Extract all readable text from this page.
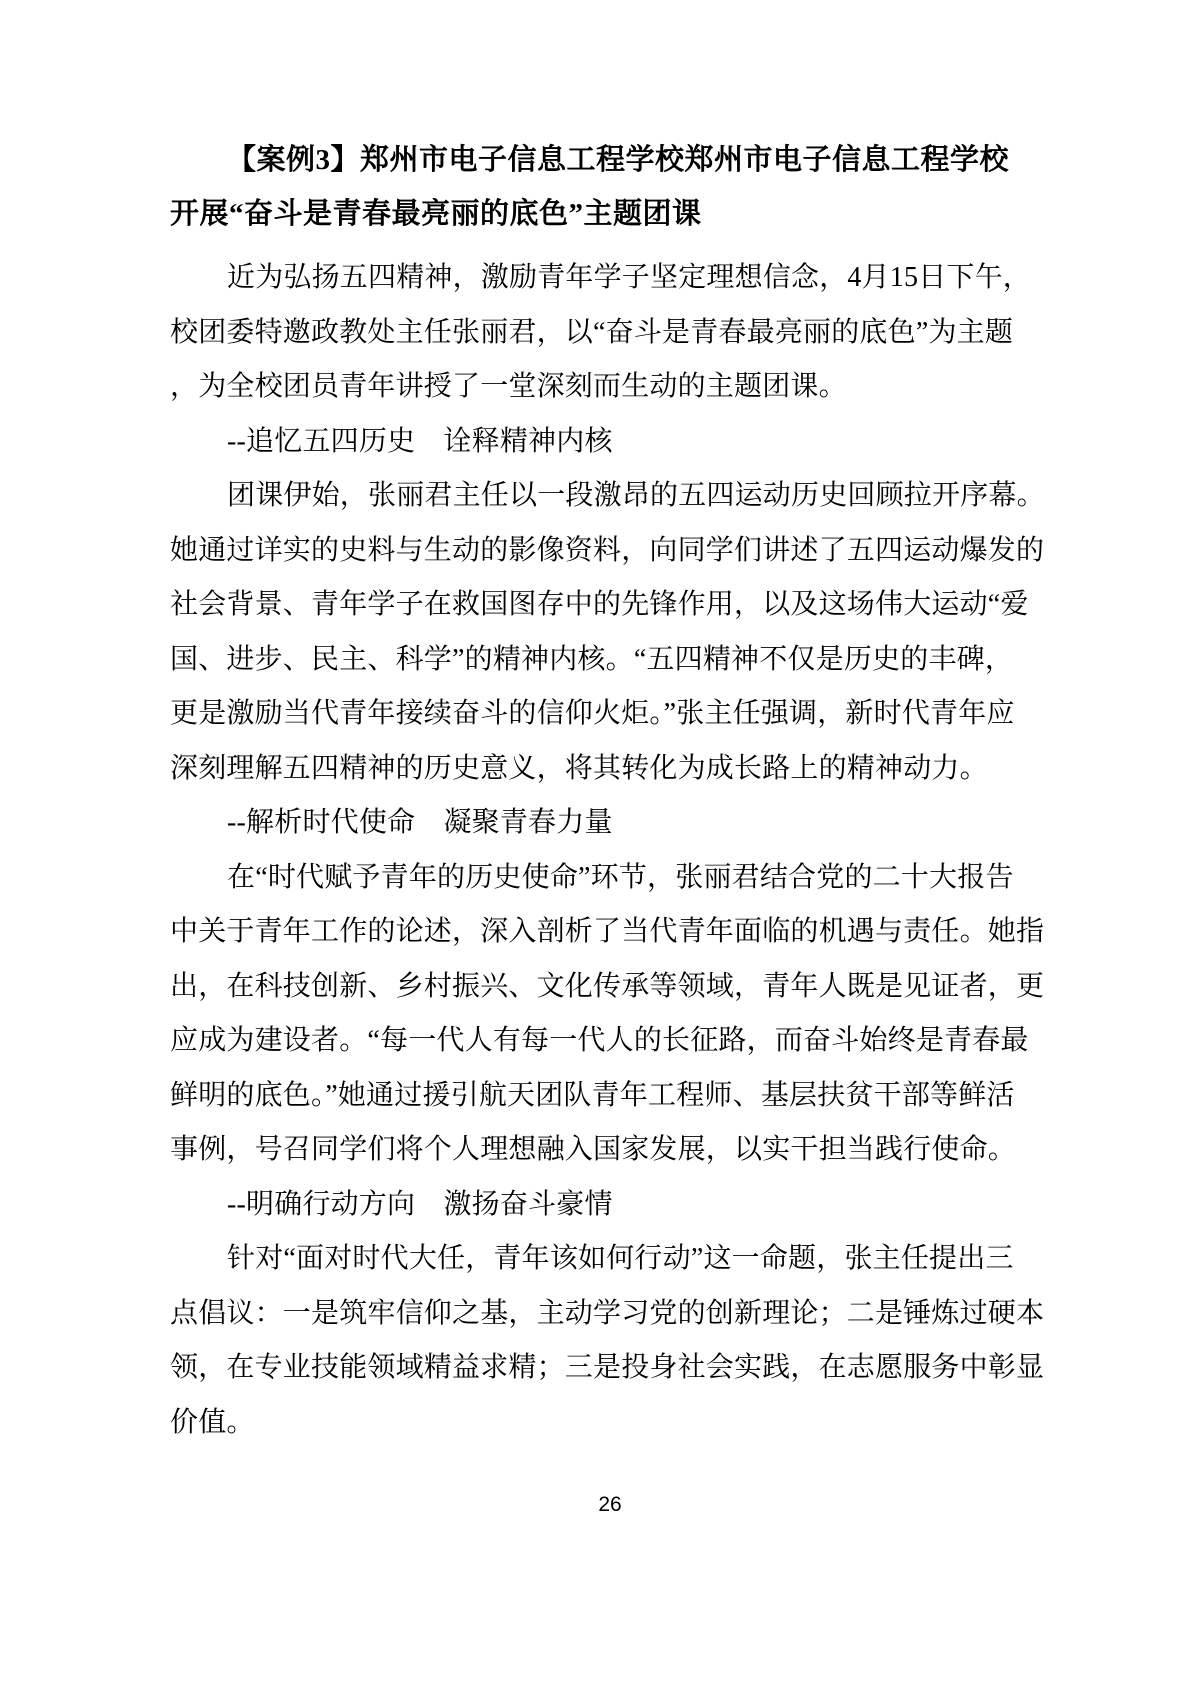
【案例3】郑州市电子信息工程学校郑州市电子信息工程学校
开展“奋斗是青春最亮丽的底色”主题团课
近为弘扬五四精神，激励青年学子坚定理想信念，4月15日下午，
校团委特邀政教处主任张丽君，以“奋斗是青春最亮丽的底色”为主题
，为全校团员青年讲授了一堂深刻而生动的主题团课。
--追忆五四历史　诠释精神内核
团课伊始，张丽君主任以一段激昂的五四运动历史回顾拉开序幕。
她通过详实的史料与生动的影像资料，向同学们讲述了五四运动爆发的
社会背景、青年学子在救国图存中的先锋作用，以及这场伟大运动“爱
国、进步、民主、科学”的精神内核。“五四精神不仅是历史的丰碑，
更是激励当代青年接续奋斗的信仰火炬。”张主任强调，新时代青年应
深刻理解五四精神的历史意义，将其转化为成长路上的精神动力。
--解析时代使命　凝聚青春力量
在“时代赋予青年的历史使命”环节，张丽君结合党的二十大报告
中关于青年工作的论述，深入剖析了当代青年面临的机遇与责任。她指
出，在科技创新、乡村振兴、文化传承等领域，青年人既是见证者，更
应成为建设者。“每一代人有每一代人的长征路，而奋斗始终是青春最
鲜明的底色。”她通过援引航天团队青年工程师、基层扶贫干部等鲜活
事例，号召同学们将个人理想融入国家发展，以实干担当践行使命。
--明确行动方向　激扬奋斗豪情
针对“面对时代大任，青年该如何行动”这一命题，张主任提出三
点倡议：一是筑牢信仰之基，主动学习党的创新理论；二是锤炼过硬本
领，在专业技能领域精益求精；三是投身社会实践，在志愿服务中彰显
价值。
26
